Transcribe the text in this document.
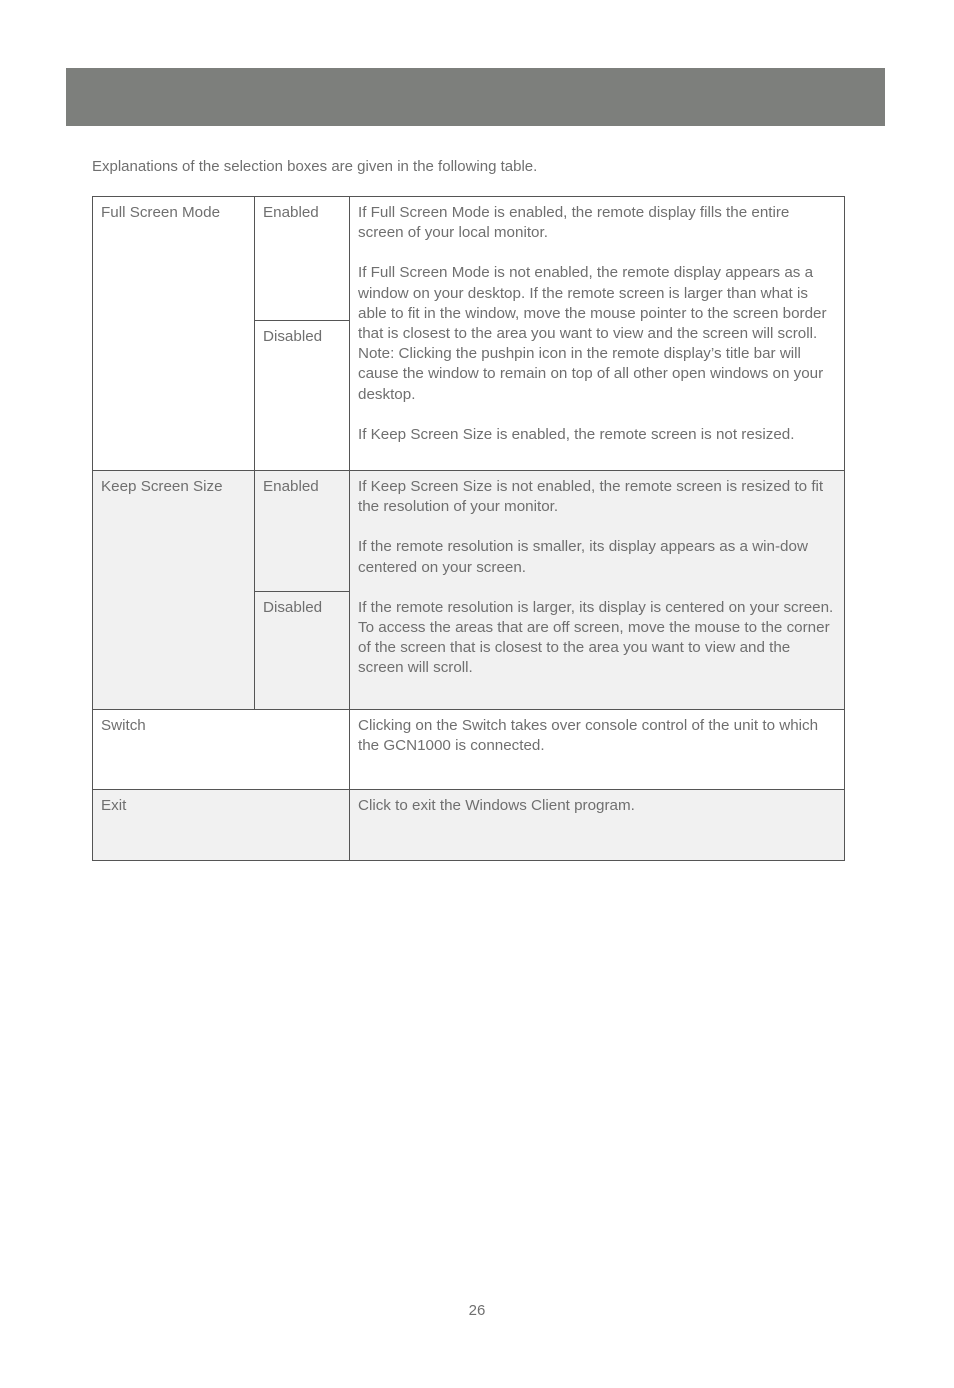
Explanations of the selection boxes are given in the following table.
Full Screen Mode	Enabled	If Full Screen Mode is enabled, the remote display fills the entire screen of your local monitor.

If Full Screen Mode is not enabled, the remote display appears as a window on your desktop. If the remote screen is larger than what is able to fit in the window, move the mouse pointer to the screen border that is closest to the area you want to view and the screen will scroll. Note: Clicking the pushpin icon in the remote display’s title bar will cause the window to remain on top of all other open windows on your desktop.

If Keep Screen Size is enabled, the remote screen is not resized.

	Disabled	
Keep Screen Size	Enabled	If Keep Screen Size is not enabled, the remote screen is resized to fit the resolution of your monitor.

If the remote resolution is smaller, its display appears as a win-dow centered on your screen.

If the remote resolution is larger, its display is centered on your screen. To access the areas that are off screen, move the mouse to the corner of the screen that is closest to the area you want to view and the screen will scroll.

	Disabled	
Switch		Clicking on the Switch takes over console control of the unit to which the GCN1000 is connected.
Exit		Click to exit the Windows Client program.
26
